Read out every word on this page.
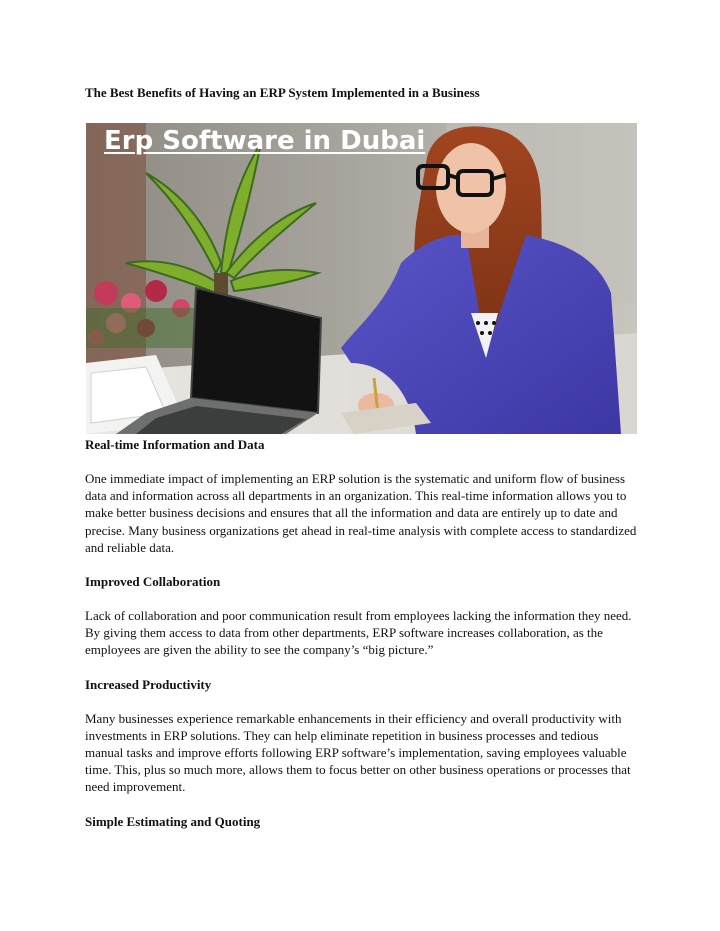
The Best Benefits of Having an ERP System Implemented in a Business
Erp Software in Dubai
Real-time Information and Data

One immediate impact of implementing an ERP solution is the systematic and uniform flow of business data and information across all departments in an organization. This real-time information allows you to make better business decisions and ensures that all the information and data are entirely up to date and precise. Many business organizations get ahead in real-time analysis with complete access to standardized and reliable data.

Improved Collaboration

Lack of collaboration and poor communication result from employees lacking the information they need. By giving them access to data from other departments, ERP software increases collaboration, as the employees are given the ability to see the company’s “big picture.”

Increased Productivity

Many businesses experience remarkable enhancements in their efficiency and overall productivity with investments in ERP solutions. They can help eliminate repetition in business processes and tedious manual tasks and improve efforts following ERP software’s implementation, saving employees valuable time. This, plus so much more, allows them to focus better on other business operations or processes that need improvement.

Simple Estimating and Quoting
